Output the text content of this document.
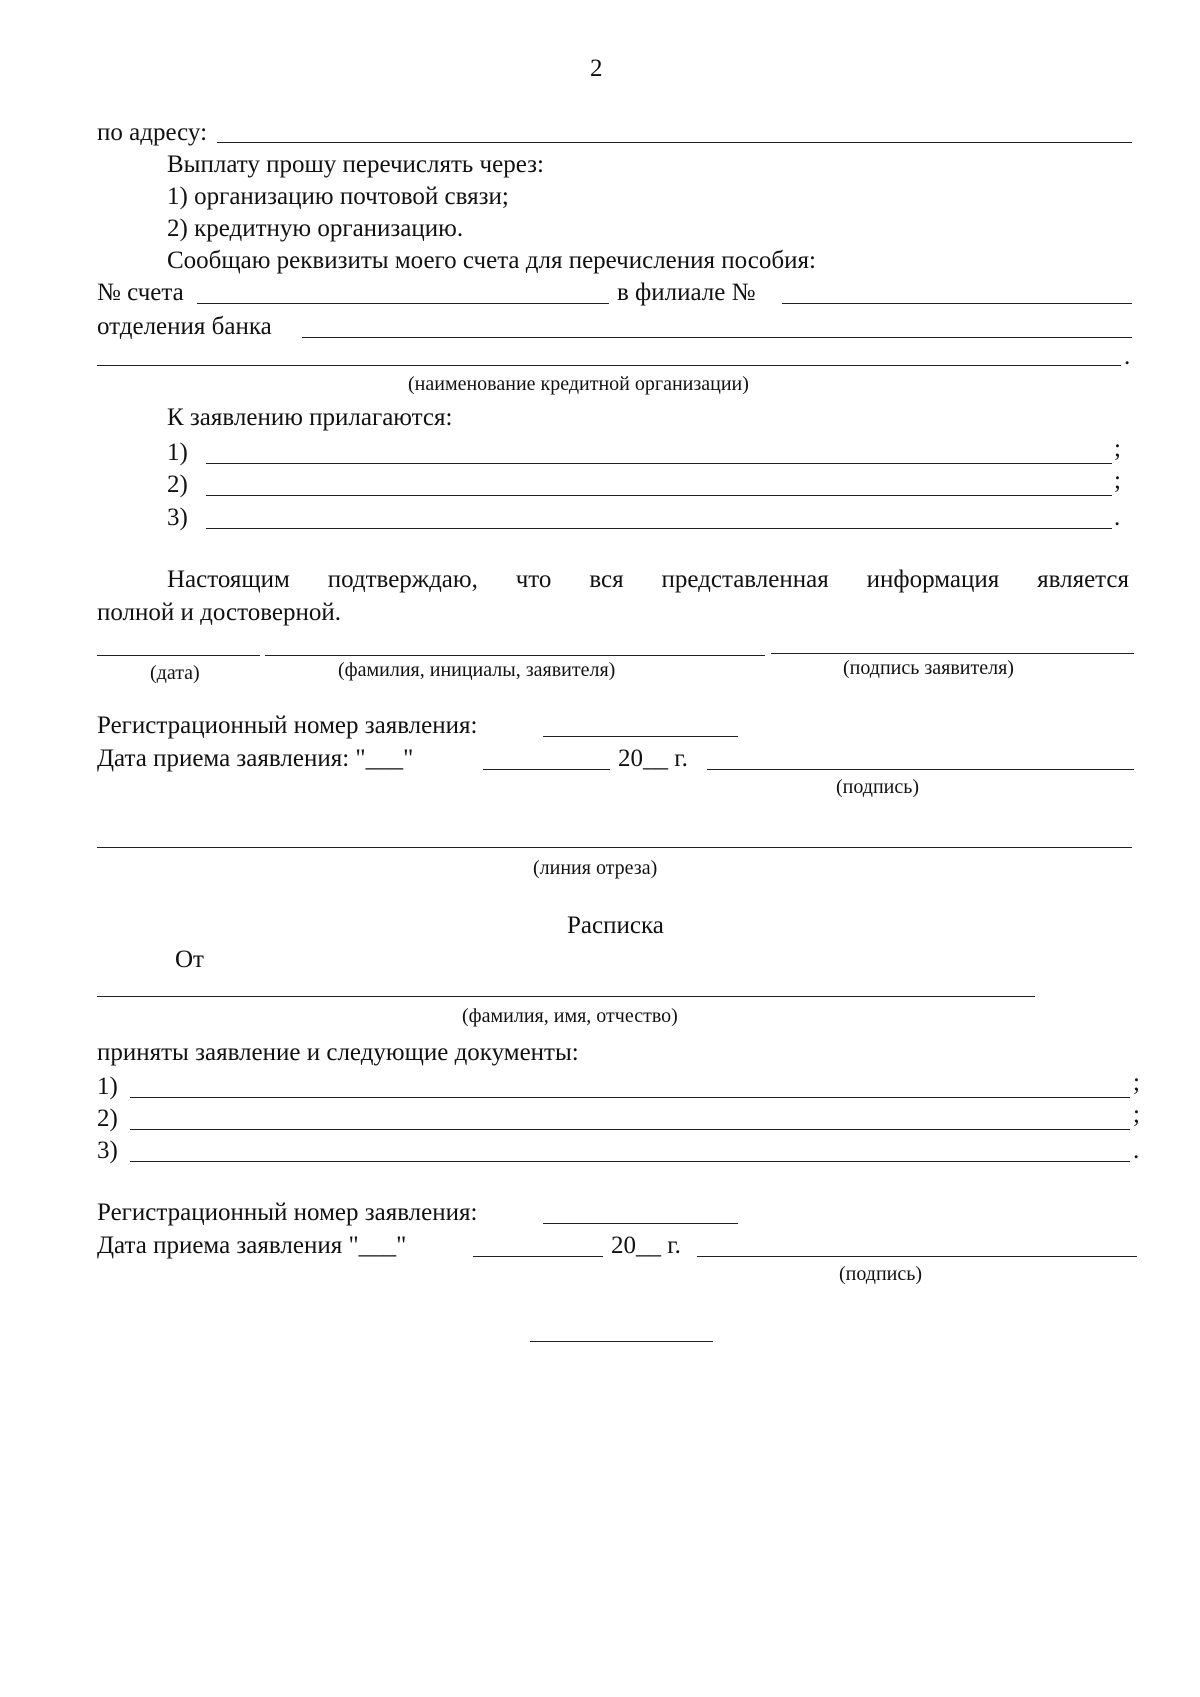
2
по адресу:
Выплату прошу перечислять через:
1) организацию почтовой связи;
2) кредитную организацию.
Сообщаю реквизиты моего счета для перечисления пособия:
№ счета	в филиале №
отделения банка
.
(наименование кредитной организации)
К заявлению прилагаются:
1)	;
2)	;
3)	.
Настоящим подтверждаю, что вся представленная информация является
полной и достоверной.
(дата)	(фамилия, инициалы, заявителя)	(подпись заявителя)
Регистрационный номер заявления:
Дата приема заявления: "___"	20__ г.
(подпись)
(линия отреза)
Расписка
От
(фамилия, имя, отчество)
приняты заявление и следующие документы:
1)	;
2)	;
3)	.
Регистрационный номер заявления:
Дата приема заявления "___"	20__ г.
(подпись)
